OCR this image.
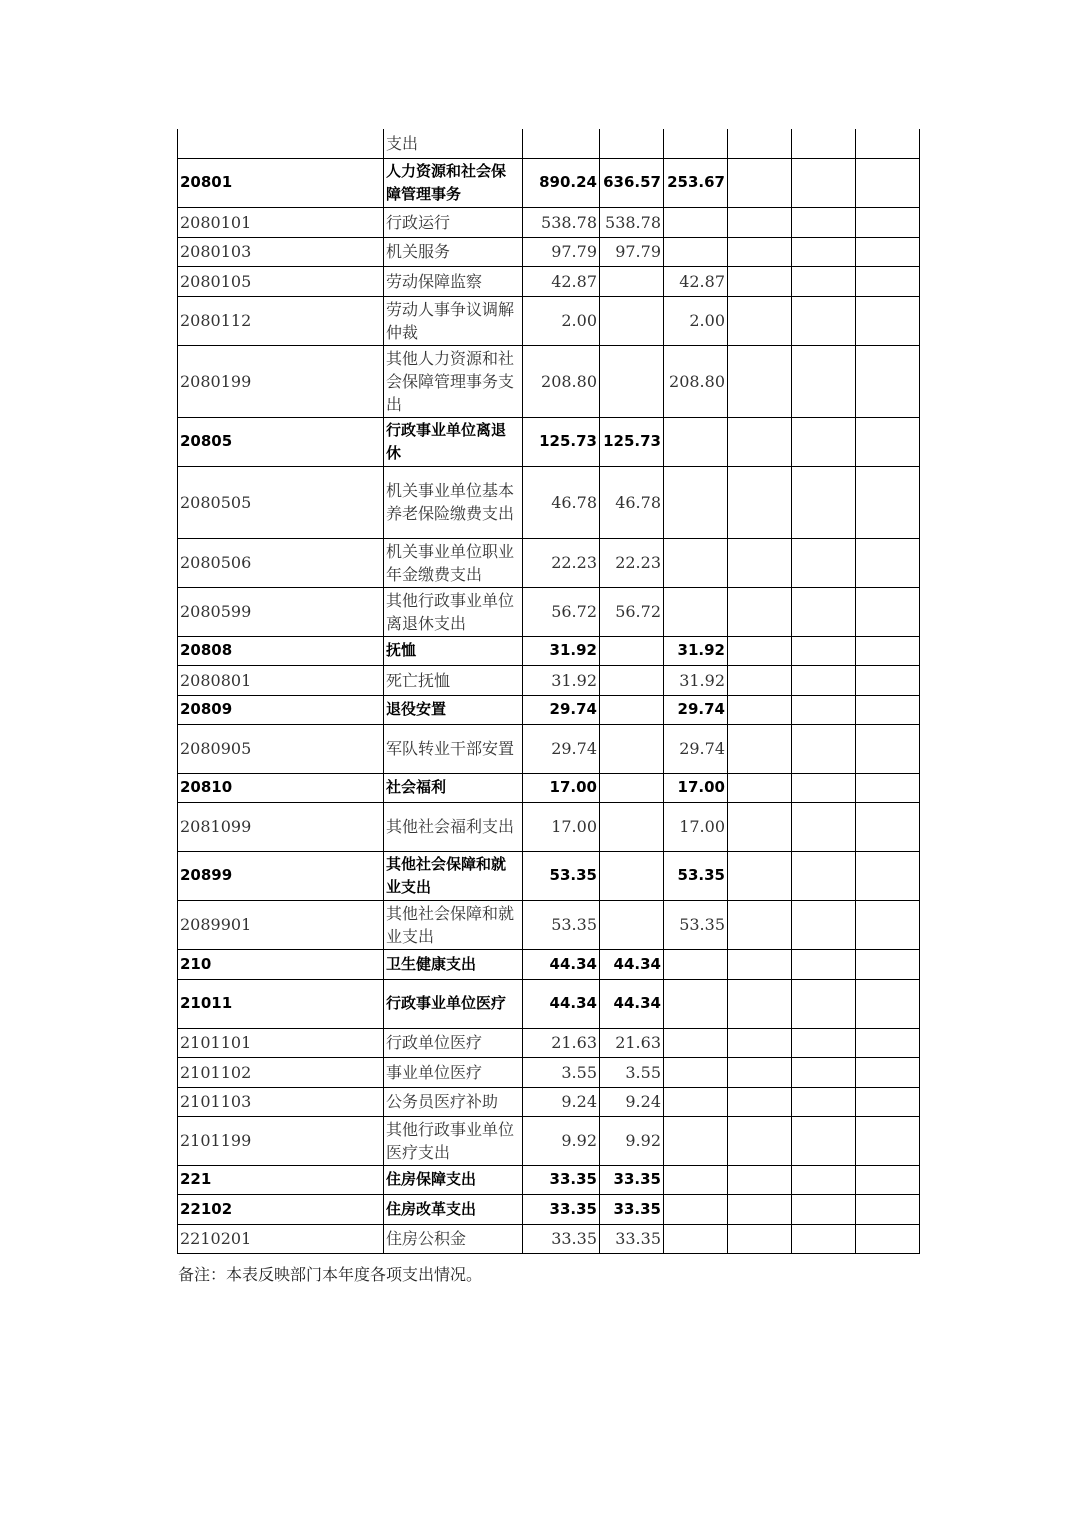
	支出						
20801	人力资源和社会保障管理事务	890.24	636.57	253.67			
2080101	行政运行	538.78	538.78				
2080103	机关服务	97.79	97.79				
2080105	劳动保障监察	42.87		42.87			
2080112	劳动人事争议调解仲裁	2.00		2.00			
2080199	其他人力资源和社会保障管理事务支出	208.80		208.80			
20805	行政事业单位离退休	125.73	125.73				
2080505	机关事业单位基本养老保险缴费支出	46.78	46.78				
2080506	机关事业单位职业年金缴费支出	22.23	22.23				
2080599	其他行政事业单位离退休支出	56.72	56.72				
20808	抚恤	31.92		31.92			
2080801	死亡抚恤	31.92		31.92			
20809	退役安置	29.74		29.74			
2080905	军队转业干部安置	29.74		29.74			
20810	社会福利	17.00		17.00			
2081099	其他社会福利支出	17.00		17.00			
20899	其他社会保障和就业支出	53.35		53.35			
2089901	其他社会保障和就业支出	53.35		53.35			
210	卫生健康支出	44.34	44.34				
21011	行政事业单位医疗	44.34	44.34				
2101101	行政单位医疗	21.63	21.63				
2101102	事业单位医疗	3.55	3.55				
2101103	公务员医疗补助	9.24	9.24				
2101199	其他行政事业单位医疗支出	9.92	9.92				
221	住房保障支出	33.35	33.35				
22102	住房改革支出	33.35	33.35				
2210201	住房公积金	33.35	33.35				
备注：本表反映部门本年度各项支出情况。
